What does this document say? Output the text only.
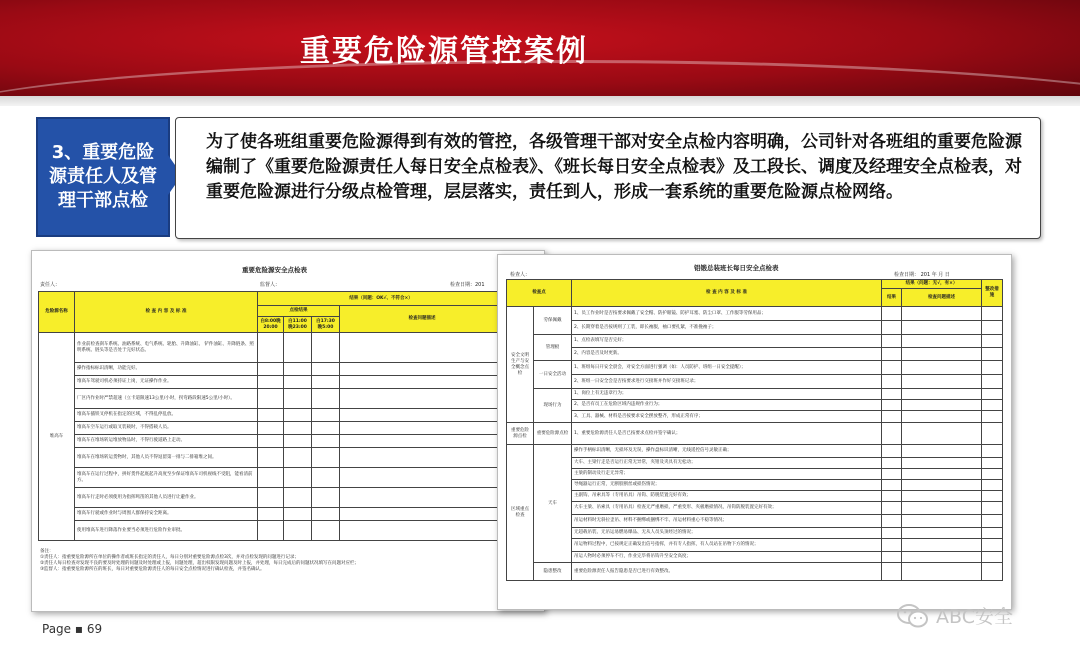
重要危险源管控案例
3、重要危险源责任人及管理干部点检

为了使各班组重要危险源得到有效的管控，各级管理干部对安全点检内容明确，公司针对各班组的重要危险源编制了《重要危险源责任人每日安全点检表》、《班长每日安全点检表》及工段长、调度及经理安全点检表，对重要危险源进行分级点检管理，层层落实，责任到人，形成一套系统的重要危险源点检网络。

重要危险源安全点检表
责任人：	监督人：	检查日期：201
危险源名称	检 查 内 容 及 标 准	结果（问题：OK√、不符合×）			
		点检结果			检查问题描述
		白8:00晚20:00	白11:00晚23:00	白17:30晚5:00	
堆高车	作业前检查刹车系统、油路系统、电气系统、轮胎、升降油缸、 铲件油缸、升降链条、照明系统、链头等是否处于完好状态。				
	操作指标标识清晰，功能完好。				
	堆高车驾驶司机必须持证上岗，无证操作作业。				
	厂区内作业时严禁超速（立卡道限速13公里/小时，拐弯路段限速5公里/小时）。				
	堆高车插铁叉停机在指定的区域，不得乱停乱放。				
	堆高车空车运行或取叉装载时，不得搭载人员。				
	堆高车在堆场转运堆放物品时，不得行驶道路上走动。				
	堆高车在堆场转运货物时，其他人员不得逗留第一排与二排箱堆之间。				
	堆高车在运行过程中，拼好货件起底起升高度至少保证堆高车司机视线不受阻，能看清前方。				
	堆高车行走时必须使用为指挥鸣笛的其他人员进行让避作业。				
	堆高车行驶或作业时与周围人群保持安全距离。				
	使用堆高车进行降落作业要当必须进行危险作业审批。				
备注：
①责任人：指重要危险源所在单位的操作者或班长指定的责任人，每日分别对重要危险源点检3次，并对点检发现的问题进行记录；
②责任人每日检查对发现不良的要及时处理的问题及时处理或上报，问题处理，超出权限发现问题及时上报，并处理，每日完成后的问题状况填写在问题对应栏；
③监督人：指重要危险源所在的班长，每日对重要危险源责任人的每日安全点检情况进行确认检查，并签名确认。
铝锻总装班长每日安全点检表
检查人：	检查日期： 201 年 月 日
检查点		检 查 内 容 及 标 准	结果（问题：无√，有×）		整改措施
			结果	检查问题描述	
安全文明生产与安全概念点检	劳保佩戴	1、员工作业时是否按要求佩戴了安全帽、防护眼镜、防护耳塞、防尘口罩、工作服等劳保用品；			
		2、长期穿着是否按规则了工装，即长袖服，袖口要扎紧，不准挽袖子；			
	管理板	1、点检表填写是否完好；			
		2、内容是否及时更新。			
	一日安全活动	1、班组每日开安全晨会，对安全方面进行强调（如：人员防护、班组一日安全提醒）；			
		2、班组一日安全会是否按要求进行交接班并作好交接班记录；			
	现场行为	1、岗位上有无违章行为；			
		2、是否有员工在危险区域内违规作业行为；			
		3、工具、器械、材料是否按要求安全摆放整齐，形成正常有序；			
重要危险源点检	重要危险源点检	1、重要危险源责任人是否已按要求点检并签字确认；			
区域重点检查	天车	操作手柄标识清晰，无损坏及无误，操作盘标识清晰，无线遥控信号灵敏正确；			
		大车、主梁行走是否运行正常无异常，夹钳及夹具有无松动；			
		主梁的制动及行走无异常；			
		导绳器运行正常，无断股断丝或损伤情况；			
		主副钩、吊索具等（专用吊具）吊钩、防脱装置完好有效；			
		大车主梁、吊索具（专用吊具）检查无严重磨损，严重变形、夹板磨损情况，吊钩防脱装置完好有效；			
		吊运材料时无斜拉歪吊、材料不捆绑或捆绑不牢、吊运材料重心不稳等情况；			
		无超载吊装、无吊运易燃易爆品、无从人员头顶经过的情况；			
		吊运物料过程中，已按规定正确发出信号指挥，并有专人指挥，有人员站在吊物下方的情况；			
		吊运人物时必须停车不行，作业完毕将吊钩升至安全高度；			
	隐患整改	重要危险源责任人报告隐患是否已进行有效整改。			
Page ▪ 69
ABC安全
